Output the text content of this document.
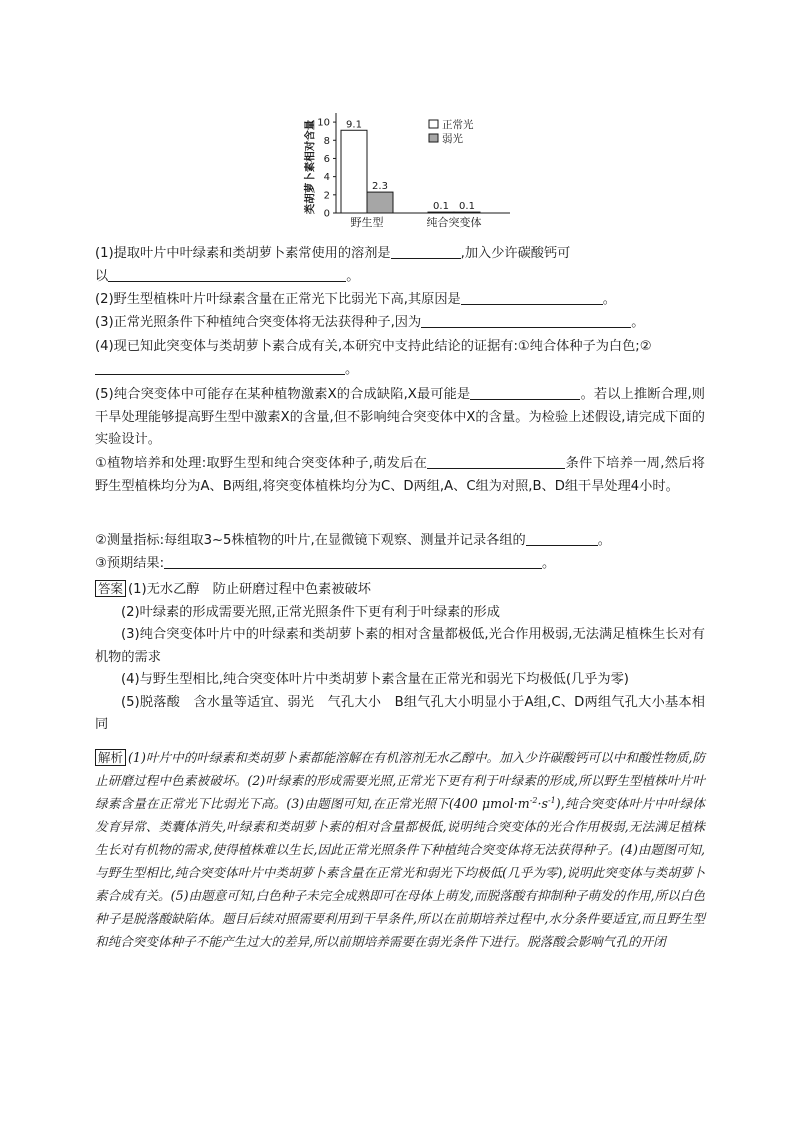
类胡萝卜素相对含量 0
2
4
6
8
10 9.1
2.3
0.1 0.1
野生型	纯合突变体
正常光
弱光
(1)提取叶片中叶绿素和类胡萝卜素常使用的溶剂是	,加入少许碳酸钙可
以	。
(2)野生型植株叶片叶绿素含量在正常光下比弱光下高,其原因是	。
(3)正常光照条件下种植纯合突变体将无法获得种子,因为	。
(4)现已知此突变体与类胡萝卜素合成有关,本研究中支持此结论的证据有:①纯合体种子为白色;②
。
(5)纯合突变体中可能存在某种植物激素X的合成缺陷,X最可能是	。若以上推断合理,则干旱处理能够提高野生型中激素X的含量,但不影响纯合突变体中X的含量。为检验上述假设,请完成下面的实验设计。
①植物培养和处理:取野生型和纯合突变体种子,萌发后在	条件下培养一周,然后将野生型植株均分为A、B两组,将突变体植株均分为C、D两组,A、C组为对照,B、D组干旱处理4小时。
②测量指标:每组取3~5株植物的叶片,在显微镜下观察、测量并记录各组的	。
③预期结果:	。
答案 (1)无水乙醇　防止研磨过程中色素被破坏
(2)叶绿素的形成需要光照,正常光照条件下更有利于叶绿素的形成
(3)纯合突变体叶片中的叶绿素和类胡萝卜素的相对含量都极低,光合作用极弱,无法满足植株生长对有机物的需求
(4)与野生型相比,纯合突变体叶片中类胡萝卜素含量在正常光和弱光下均极低(几乎为零)
(5)脱落酸　含水量等适宜、弱光　气孔大小　B组气孔大小明显小于A组,C、D两组气孔大小基本相同
解析 (1)叶片中的叶绿素和类胡萝卜素都能溶解在有机溶剂无水乙醇中。加入少许碳酸钙可以中和酸性物质,防止研磨过程中色素被破坏。(2)叶绿素的形成需要光照,正常光下更有利于叶绿素的形成,所以野生型植株叶片叶绿素含量在正常光下比弱光下高。(3)由题图可知,在正常光照下(400 $\mu mol\cdot m^{-2}\cdot s^{-1}$),纯合突变体叶片中叶绿体发育异常、类囊体消失,叶绿素和类胡萝卜素的相对含量都极低,说明纯合突变体的光合作用极弱,无法满足植株生长对有机物的需求,使得植株难以生长,因此正常光照条件下种植纯合突变体将无法获得种子。(4)由题图可知,与野生型相比,纯合突变体叶片中类胡萝卜素含量在正常光和弱光下均极低(几乎为零),说明此突变体与类胡萝卜素合成有关。(5)由题意可知,白色种子未完全成熟即可在母体上萌发,而脱落酸有抑制种子萌发的作用,所以白色种子是脱落酸缺陷体。题目后续对照需要利用到干旱条件,所以在前期培养过程中,水分条件要适宜,而且野生型和纯合突变体种子不能产生过大的差异,所以前期培养需要在弱光条件下进行。脱落酸会影响气孔的开闭
